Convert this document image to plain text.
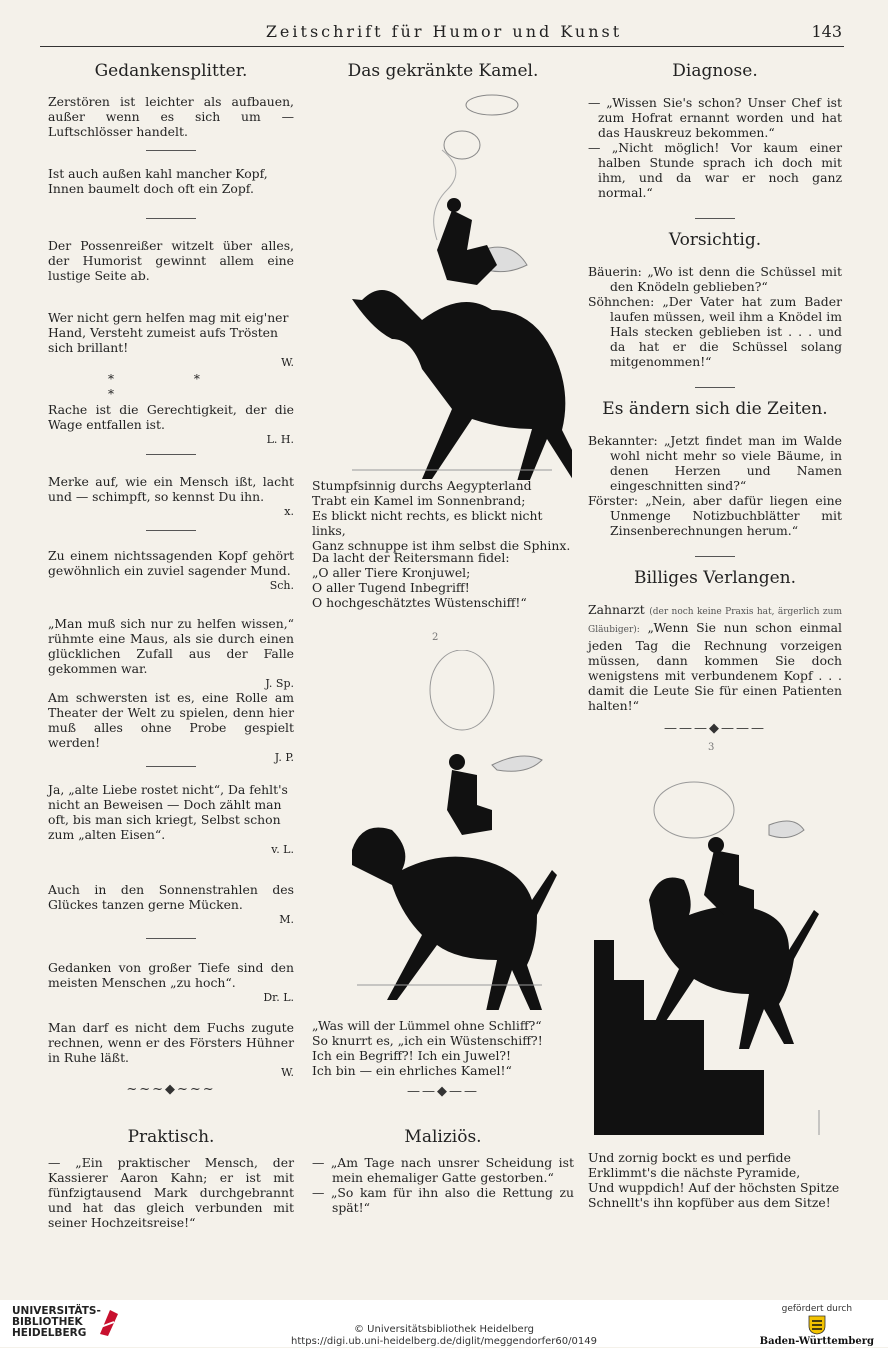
Zeitschrift für Humor und Kunst	143
Gedankensplitter.

Zerstören ist leichter als aufbauen, außer wenn es sich um — Luftschlösser handelt.

Ist auch außen kahl mancher Kopf, Innen baumelt doch oft ein Zopf.

Der Possenreißer witzelt über alles, der Humorist gewinnt allem eine lustige Seite ab.

Wer nicht gern helfen mag mit eig'ner Hand, Versteht zumeist aufs Trösten sich brillant!

W.
* * *

Rache ist die Gerechtigkeit, der die Wage entfallen ist.

L. H.

Merke auf, wie ein Mensch ißt, lacht und — schimpft, so kennst Du ihn.

x.

Zu einem nichtssagenden Kopf gehört gewöhnlich ein zuviel sagender Mund.

Sch.

„Man muß sich nur zu helfen wissen,“ rühmte eine Maus, als sie durch einen glücklichen Zufall aus der Falle gekommen war.

J. Sp.

Am schwersten ist es, eine Rolle am Theater der Welt zu spielen, denn hier muß alles ohne Probe gespielt werden!

J. P.

Ja, „alte Liebe rostet nicht“, Da fehlt's nicht an Beweisen — Doch zählt man oft, bis man sich kriegt, Selbst schon zum „alten Eisen“.

v. L.

Auch in den Sonnenstrahlen des Glückes tanzen gerne Mücken.

M.

Gedanken von großer Tiefe sind den meisten Menschen „zu hoch“.

Dr. L.

Man darf es nicht dem Fuchs zugute rechnen, wenn er des Försters Hühner in Ruhe läßt.

W.
~~~◆~~~
Das gekränkte Kamel.
Stumpfsinnig durchs Aegypterland
Trabt ein Kamel im Sonnenbrand;
Es blickt nicht rechts, es blickt nicht links,
Ganz schnuppe ist ihm selbst die Sphinx.
Da lacht der Reitersmann fidel:
„O aller Tiere Kronjuwel;
O aller Tugend Inbegriff!
O hochgeschätztes Wüstenschiff!“
2
„Was will der Lümmel ohne Schliff?“
So knurrt es, „ich ein Wüstenschiff?!
Ich ein Begriff?! Ich ein Juwel?!
Ich bin — ein ehrliches Kamel!“
——◆——
Diagnose.

— „Wissen Sie's schon? Unser Chef ist zum Hofrat ernannt worden und hat das Hauskreuz bekommen.“

— „Nicht möglich! Vor kaum einer halben Stunde sprach ich doch mit ihm, und da war er noch ganz normal.“

Vorsichtig.

Bäuerin: „Wo ist denn die Schüssel mit den Knödeln geblieben?“

Söhnchen: „Der Vater hat zum Bader laufen müssen, weil ihm a Knödel im Hals stecken geblieben ist . . . und da hat er die Schüssel solang mitgenommen!“

Es ändern sich die Zeiten.

Bekannter: „Jetzt findet man im Walde wohl nicht mehr so viele Bäume, in denen Herzen und Namen eingeschnitten sind?“

Förster: „Nein, aber dafür liegen eine Unmenge Notizbuchblätter mit Zinsenberechnungen herum.“

Billiges Verlangen.

Zahnarzt (der noch keine Praxis hat, ärgerlich zum Gläubiger): „Wenn Sie nun schon einmal jeden Tag die Rechnung vorzeigen müssen, dann kommen Sie doch wenigstens mit verbundenem Kopf . . . damit die Leute Sie für einen Patienten halten!“

———◆———
3
Praktisch.

— „Ein praktischer Mensch, der Kassierer Aaron Kahn; er ist mit fünfzigtausend Mark durchgebrannt und hat das gleich verbunden mit seiner Hochzeitsreise!“

Maliziös.

— „Am Tage nach unsrer Scheidung ist mein ehemaliger Gatte gestorben.“

— „So kam für ihn also die Rettung zu spät!“

Und zornig bockt es und perfide
Erklimmt's die nächste Pyramide,
Und wuppdich! Auf der höchsten Spitze
Schnellt's ihn kopfüber aus dem Sitze!
UNIVERSITÄTS-
BIBLIOTHEK
HEIDELBERG	© Universitätsbibliothek Heidelberg
https://digi.ub.uni-heidelberg.de/diglit/meggendorfer60/0149
gefördert durch
Baden-Württemberg
